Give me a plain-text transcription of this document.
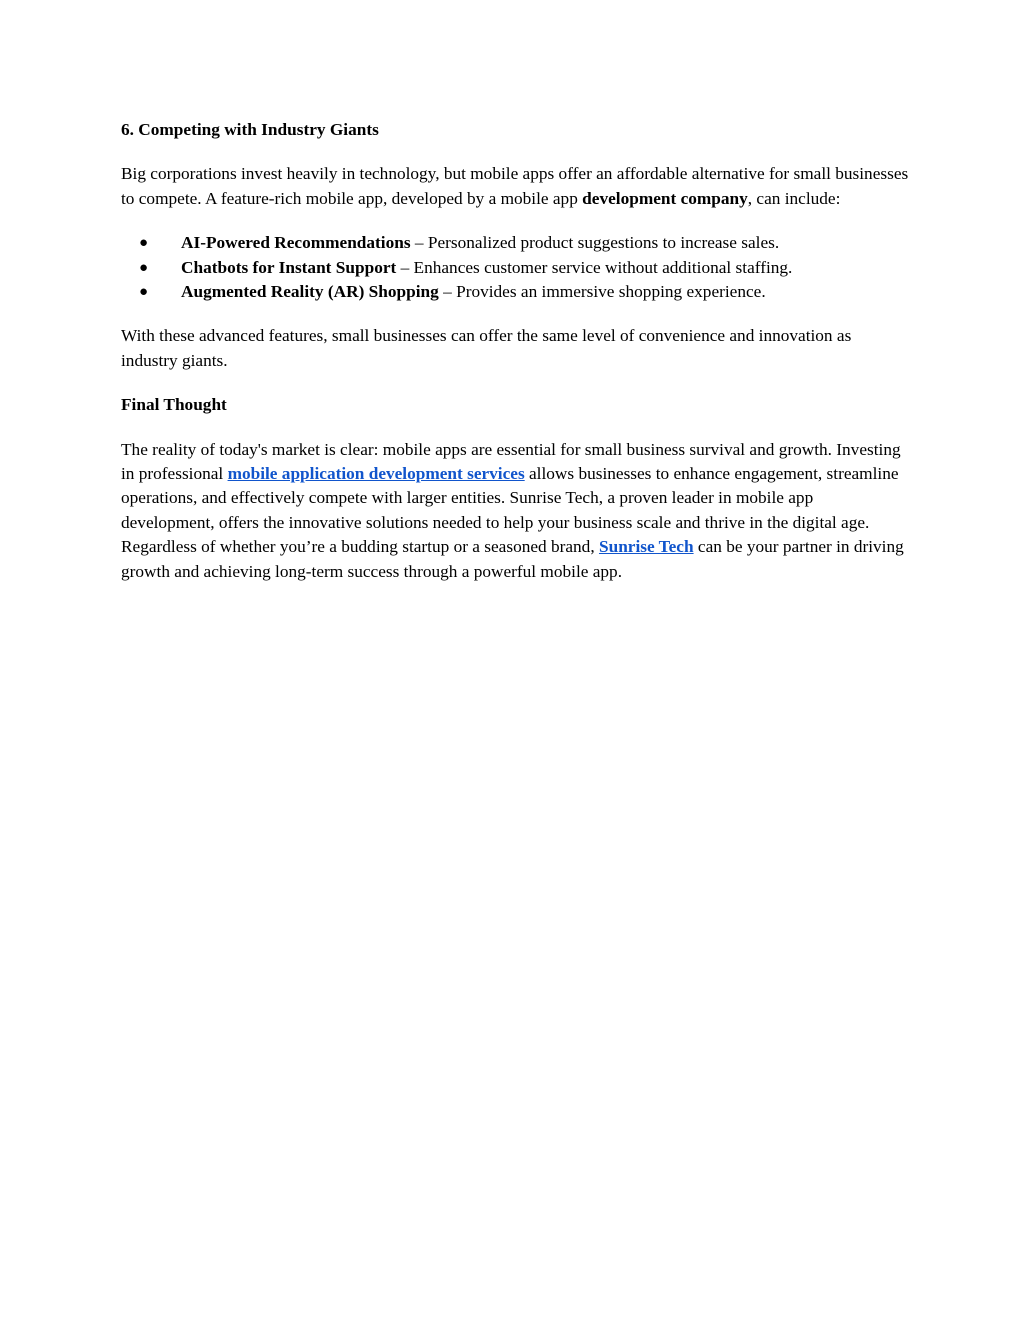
6. Competing with Industry Giants
Big corporations invest heavily in technology, but mobile apps offer an affordable alternative for small businesses to compete. A feature-rich mobile app, developed by a mobile app development company, can include:
● AI-Powered Recommendations – Personalized product suggestions to increase sales.
● Chatbots for Instant Support – Enhances customer service without additional staffing.
● Augmented Reality (AR) Shopping – Provides an immersive shopping experience.
With these advanced features, small businesses can offer the same level of convenience and innovation as industry giants.
Final Thought
The reality of today's market is clear: mobile apps are essential for small business survival and growth. Investing in professional mobile application development services allows businesses to enhance engagement, streamline operations, and effectively compete with larger entities. Sunrise Tech, a proven leader in mobile app development, offers the innovative solutions needed to help your business scale and thrive in the digital age. Regardless of whether you’re a budding startup or a seasoned brand, Sunrise Tech can be your partner in driving growth and achieving long-term success through a powerful mobile app.
